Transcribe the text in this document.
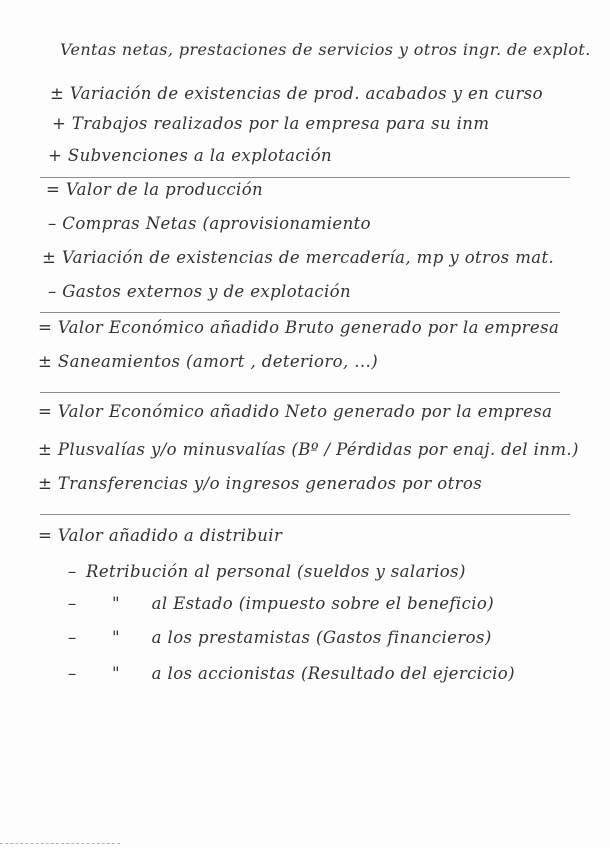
Ventas netas, prestaciones de servicios y otros ingr. de explot.
± Variación de existencias de prod. acabados y en curso
+ Trabajos realizados por la empresa para su inm
+ Subvenciones a la explotación
= Valor de la producción
– Compras Netas (aprovisionamiento
± Variación de existencias de mercadería, mp y otros mat.
– Gastos externos y de explotación
= Valor Económico añadido Bruto generado por la empresa
± Saneamientos (amort , deterioro, ...)
= Valor Económico añadido Neto generado por la empresa
± Plusvalías y/o minusvalías (Bº / Pérdidas por enaj. del inm.)
± Transferencias y/o ingresos generados por otros
= Valor añadido a distribuir
– Retribución al personal (sueldos y salarios)
– " al Estado (impuesto sobre el beneficio)
– " a los prestamistas (Gastos financieros)
– " a los accionistas (Resultado del ejercicio)
